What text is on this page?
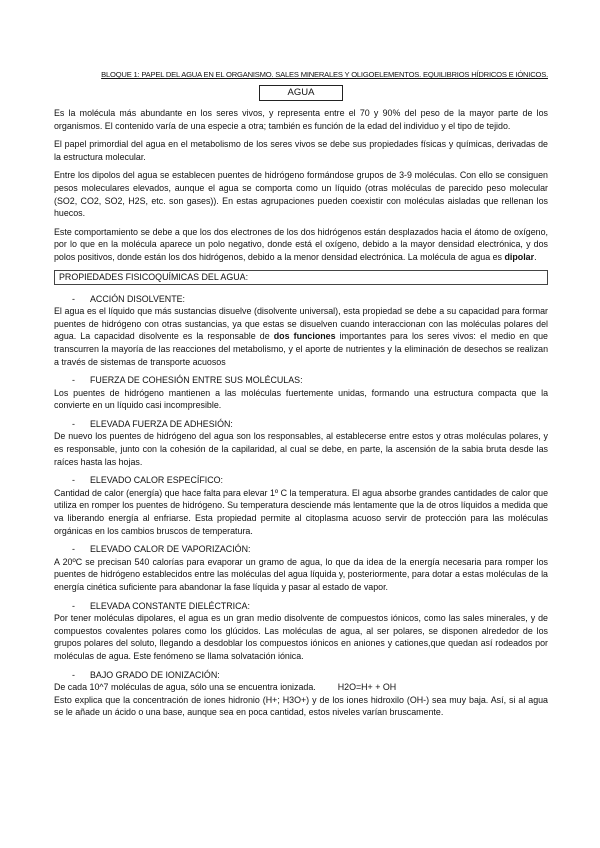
BLOQUE 1: PAPEL DEL AGUA EN EL ORGANISMO. SALES MINERALES Y OLIGOELEMENTOS. EQUILIBRIOS HÍDRICOS E IÓNICOS.
AGUA

Es la molécula más abundante en los seres vivos, y representa entre el 70 y 90% del peso de la mayor parte de los organismos. El contenido varía de una especie a otra; también es función de la edad del individuo y el tipo de tejido.

El papel primordial del agua en el metabolismo de los seres vivos se debe sus propiedades físicas y químicas, derivadas de la estructura molecular.

Entre los dipolos del agua se establecen puentes de hidrógeno formándose grupos de 3-9 moléculas. Con ello se consiguen pesos moleculares elevados, aunque el agua se comporta como un líquido (otras moléculas de parecido peso molecular (SO2, CO2, SO2, H2S, etc. son gases)). En estas agrupaciones pueden coexistir con moléculas aisladas que rellenan los huecos.

Este comportamiento se debe a que los dos electrones de los dos hidrógenos están desplazados hacia el átomo de oxígeno, por lo que en la molécula aparece un polo negativo, donde está el oxígeno, debido a la mayor densidad electrónica, y dos polos positivos, donde están los dos hidrógenos, debido a la menor densidad electrónica. La molécula de agua es dipolar.

PROPIEDADES FISICOQUÍMICAS DEL AGUA:
- ACCIÓN DISOLVENTE:

El agua es el líquido que más sustancias disuelve (disolvente universal), esta propiedad se debe a su capacidad para formar puentes de hidrógeno con otras sustancias, ya que estas se disuelven cuando interaccionan con las moléculas polares del agua. La capacidad disolvente es la responsable de dos funciones importantes para los seres vivos: el medio en que transcurren la mayoría de las reacciones del metabolismo, y el aporte de nutrientes y la eliminación de desechos se realizan a través de sistemas de transporte acuosos

- FUERZA DE COHESIÓN ENTRE SUS MOLÉCULAS:

Los puentes de hidrógeno mantienen a las moléculas fuertemente unidas, formando una estructura compacta que la convierte en un líquido casi incompresible.

- ELEVADA FUERZA DE ADHESIÓN:

De nuevo los puentes de hidrógeno del agua son los responsables, al establecerse entre estos y otras moléculas polares, y es responsable, junto con la cohesión de la capilaridad, al cual se debe, en parte, la ascensión de la sabia bruta desde las raíces hasta las hojas.

- ELEVADO CALOR ESPECÍFICO:

Cantidad de calor (energía) que hace falta para elevar 1º C la temperatura. El agua absorbe grandes cantidades de calor que utiliza en romper los puentes de hidrógeno. Su temperatura desciende más lentamente que la de otros líquidos a medida que va liberando energía al enfriarse. Esta propiedad permite al citoplasma acuoso servir de protección para las moléculas orgánicas en los cambios bruscos de temperatura.

- ELEVADO CALOR DE VAPORIZACIÓN:

A 20ºC se precisan 540 calorías para evaporar un gramo de agua, lo que da idea de la energía necesaria para romper los puentes de hidrógeno establecidos entre las moléculas del agua líquida y, posteriormente, para dotar a estas moléculas de la energía cinética suficiente para abandonar la fase líquida y pasar al estado de vapor.

- ELEVADA CONSTANTE DIELÉCTRICA:

Por tener moléculas dipolares, el agua es un gran medio disolvente de compuestos iónicos, como las sales minerales, y de compuestos covalentes polares como los glúcidos. Las moléculas de agua, al ser polares, se disponen alrededor de los grupos polares del soluto, llegando a desdoblar los compuestos iónicos en aniones y cationes,que quedan así rodeados por moléculas de agua. Este fenómeno se llama solvatación iónica.

- BAJO GRADO DE IONIZACIÓN:

De cada 10^7 moléculas de agua, sólo una se encuentra ionizada. H2O=H+ + OH

Esto explica que la concentración de iones hidronio (H+; H3O+) y de los iones hidroxilo (OH-) sea muy baja. Así, si al agua se le añade un ácido o una base, aunque sea en poca cantidad, estos niveles varían bruscamente.
